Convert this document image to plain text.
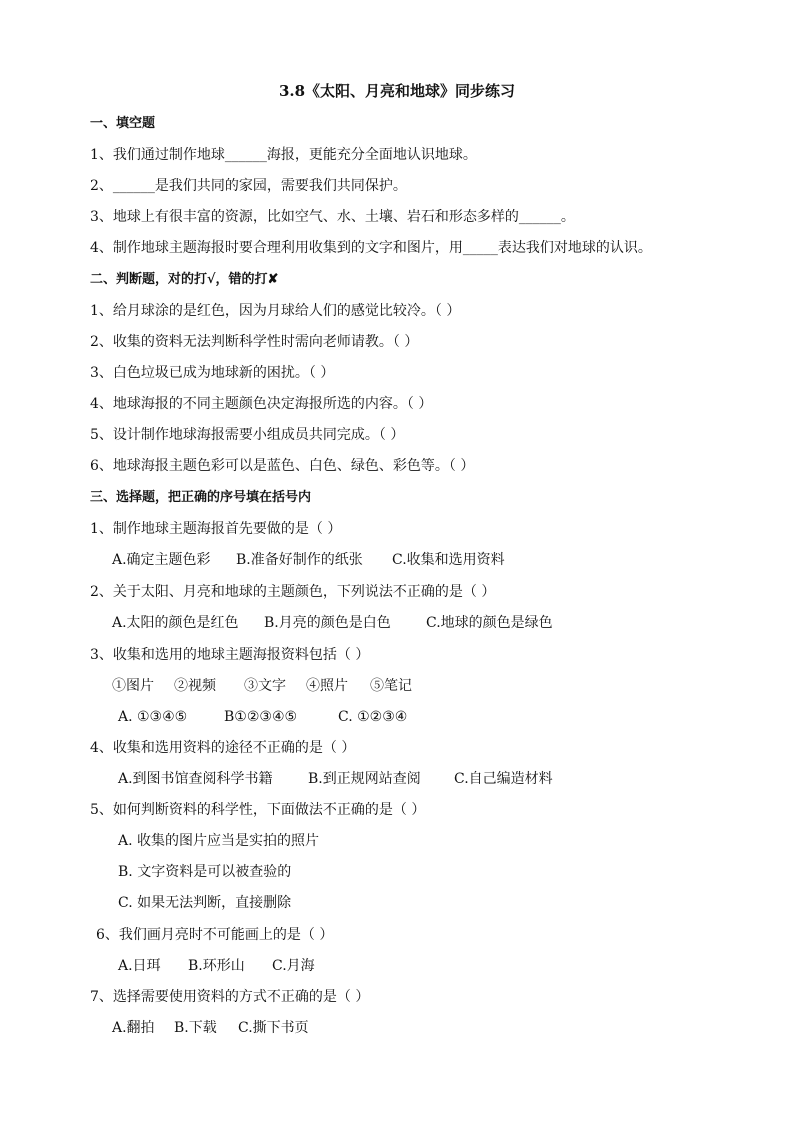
3.8《太阳、月亮和地球》同步练习
一、填空题
1、我们通过制作地球______海报，更能充分全面地认识地球。
2、______是我们共同的家园，需要我们共同保护。
3、地球上有很丰富的资源，比如空气、水、土壤、岩石和形态多样的______。
4、制作地球主题海报时要合理利用收集到的文字和图片，用_____表达我们对地球的认识。
二、判断题，对的打√，错的打✘
1、给月球涂的是红色，因为月球给人们的感觉比较冷。（ ）
2、收集的资料无法判断科学性时需向老师请教。（ ）
3、白色垃圾已成为地球新的困扰。（ ）
4、地球海报的不同主题颜色决定海报所选的内容。（ ）
5、设计制作地球海报需要小组成员共同完成。（ ）
6、地球海报主题色彩可以是蓝色、白色、绿色、彩色等。（ ）
三、选择题，把正确的序号填在括号内
1、制作地球主题海报首先要做的是（ ）
A.确定主题色彩 B.准备好制作的纸张 C.收集和选用资料
2、关于太阳、月亮和地球的主题颜色，下列说法不正确的是（ ）
A.太阳的颜色是红色 B.月亮的颜色是白色	C.地球的颜色是绿色
3、收集和选用的地球主题海报资料包括（ ）
①图片 ②视频 ③文字 ④照片 ⑤笔记
A. ①③④⑤	B①②③④⑤	C. ①②③④
4、收集和选用资料的途径不正确的是（ ）
A.到图书馆查阅科学书籍	B.到正规网站查阅 C.自己编造材料
5、如何判断资料的科学性，下面做法不正确的是（ ）
A. 收集的图片应当是实拍的照片
B. 文字资料是可以被查验的
C. 如果无法判断，直接删除
6、我们画月亮时不可能画上的是（ ）
A.日珥 B.环形山 C.月海
7、选择需要使用资料的方式不正确的是（ ）
A.翻拍 B.下载 C.撕下书页
